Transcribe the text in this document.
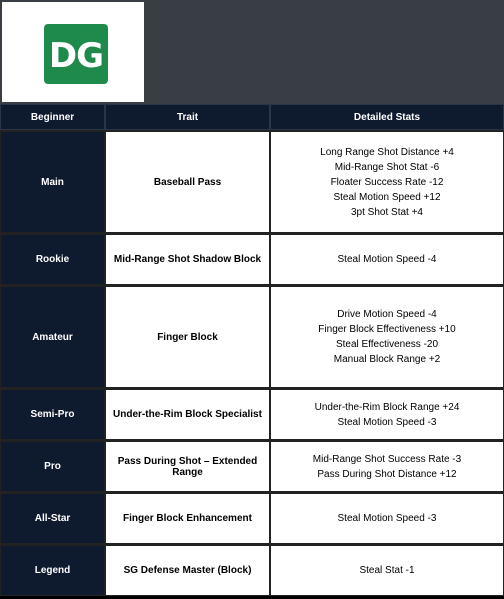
DG
Beginner	Trait	Detailed Stats
Main	Baseball Pass	Long Range Shot Distance +4
Mid-Range Shot Stat -6
Floater Success Rate -12
Steal Motion Speed +12
3pt Shot Stat +4

Rookie	Mid-Range Shot Shadow Block	Steal Motion Speed -4

Amateur	Finger Block	Drive Motion Speed -4
Finger Block Effectiveness +10
Steal Effectiveness -20
Manual Block Range +2

Semi-Pro	Under-the-Rim Block Specialist	Under-the-Rim Block Range +24
Steal Motion Speed -3

Pro	Pass During Shot – Extended Range	Mid-Range Shot Success Rate -3
Pass During Shot Distance +12

All-Star	Finger Block Enhancement	Steal Motion Speed -3

Legend	SG Defense Master (Block)	Steal Stat -1
